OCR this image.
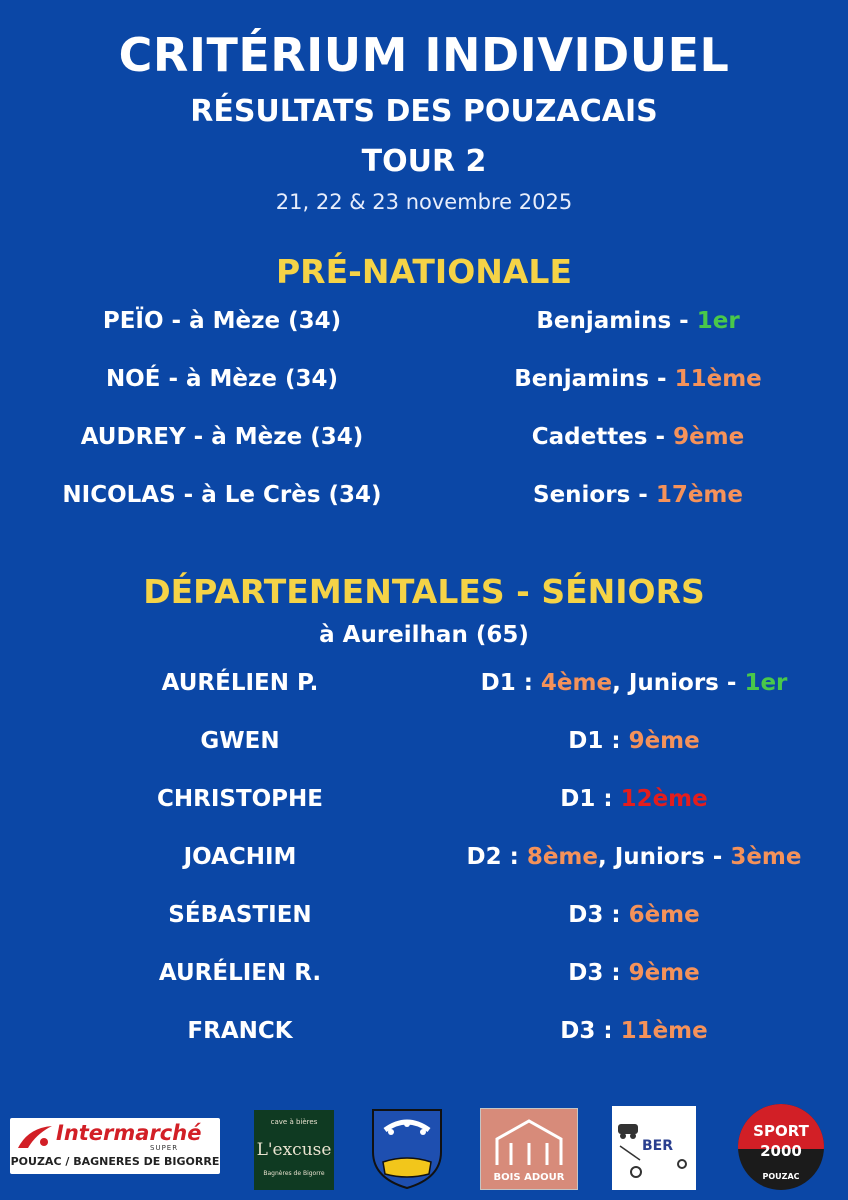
CRITÉRIUM INDIVIDUEL
RÉSULTATS DES POUZACAIS
TOUR 2
21, 22 & 23 novembre 2025
PRÉ-NATIONALE
PEÏO - à Mèze (34)	Benjamins - 1er
NOÉ - à Mèze (34)	Benjamins - 11ème
AUDREY - à Mèze (34)	Cadettes - 9ème
NICOLAS - à Le Crès (34)	Seniors - 17ème
DÉPARTEMENTALES - SÉNIORS
à Aureilhan (65)
AURÉLIEN P.	D1 : 4ème, Juniors - 1er
GWEN	D1 : 9ème
CHRISTOPHE	D1 : 12ème
JOACHIM	D2 : 8ème, Juniors - 3ème
SÉBASTIEN	D3 : 6ème
AURÉLIEN R.	D3 : 9ème
FRANCK	D3 : 11ème
Intermarché
SUPER
POUZAC / BAGNERES DE BIGORRE
cave à bières
L'excuse
Bagnères de Bigorre	BOIS ADOUR
BER
SPORT
2000
POUZAC
